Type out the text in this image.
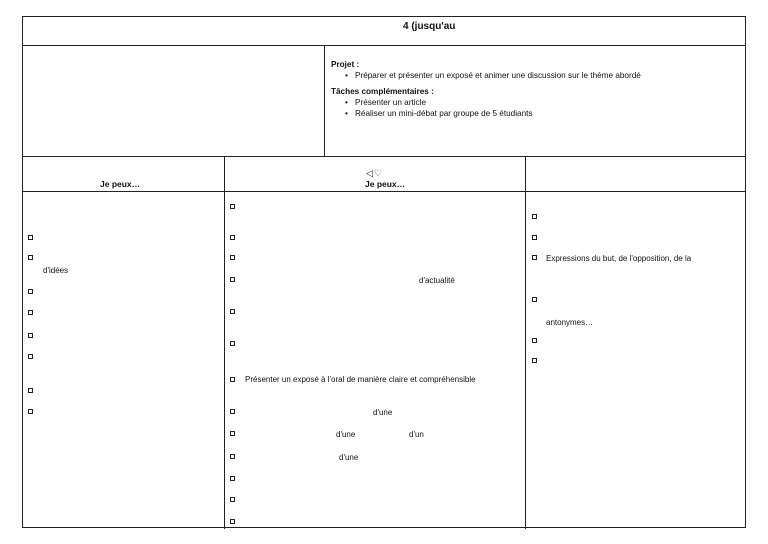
4 (jusqu'au
Projet :
• Préparer et présenter un exposé et animer une discussion sur le thème abordé
Tâches complémentaires :
• Présenter un article
• Réaliser un mini-débat par groupe de 5 étudiants
Je peux…
◁♡
Je peux…
d'idées
d'actualité
Présenter un exposé à l'oral de manière claire et compréhensible
d'une
d'une	d'un
d'une
Expressions du but, de l'opposition, de la
antonymes…
